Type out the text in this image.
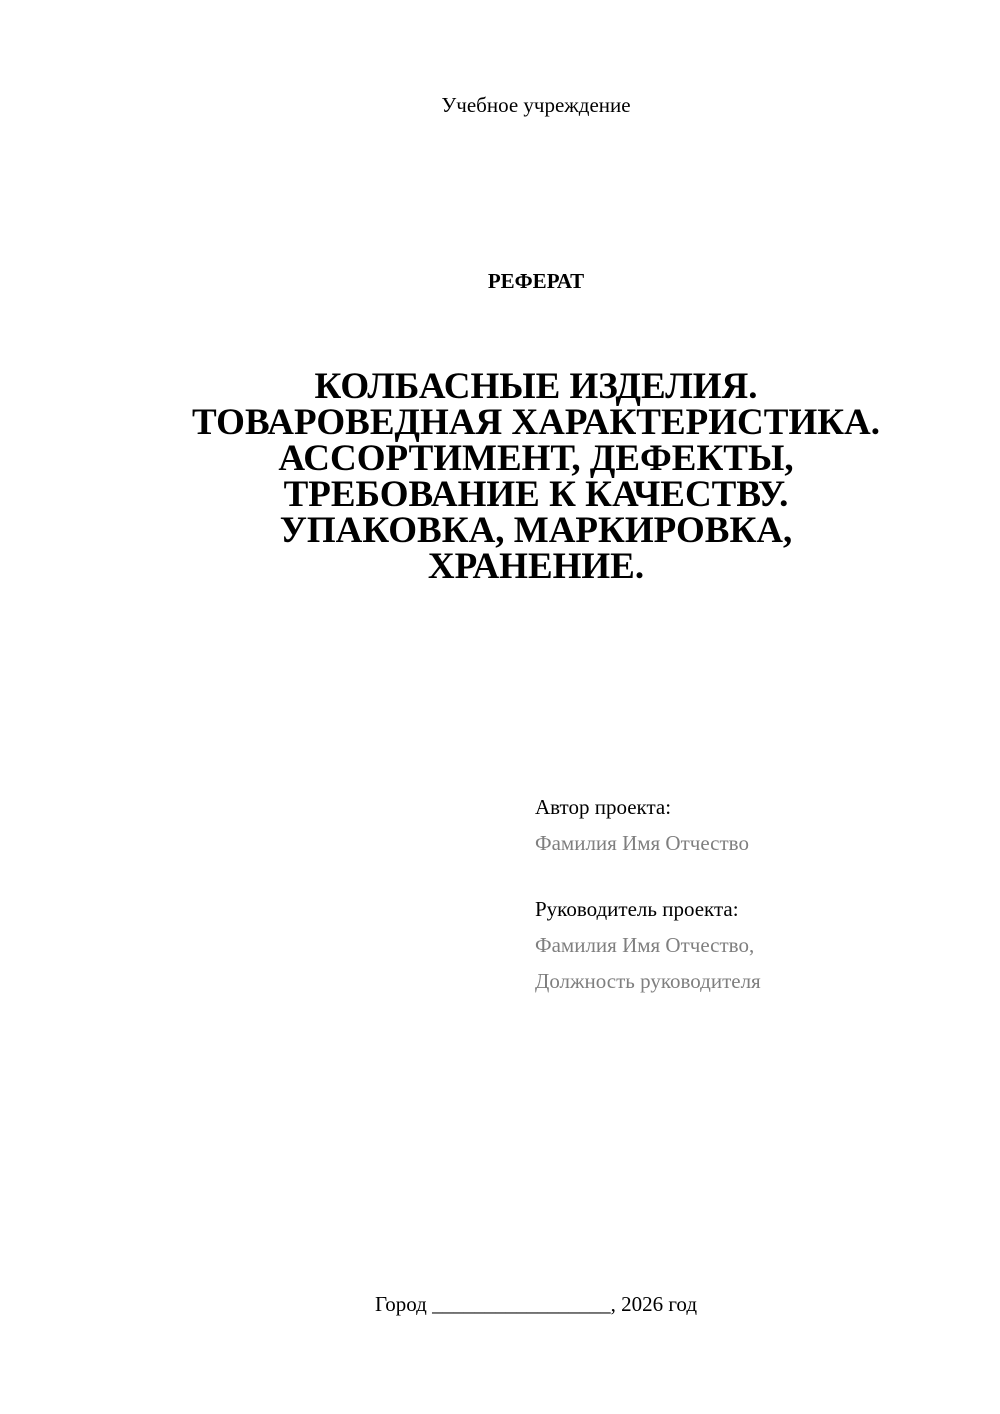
Учебное учреждение
РЕФЕРАТ
КОЛБАСНЫЕ ИЗДЕЛИЯ.
ТОВАРОВЕДНАЯ ХАРАКТЕРИСТИКА.
АССОРТИМЕНТ, ДЕФЕКТЫ,
ТРЕБОВАНИЕ К КАЧЕСТВУ.
УПАКОВКА, МАРКИРОВКА,
ХРАНЕНИЕ.
Автор проекта:
Фамилия Имя Отчество
Руководитель проекта:
Фамилия Имя Отчество,
Должность руководителя
Город _________________, 2026 год
